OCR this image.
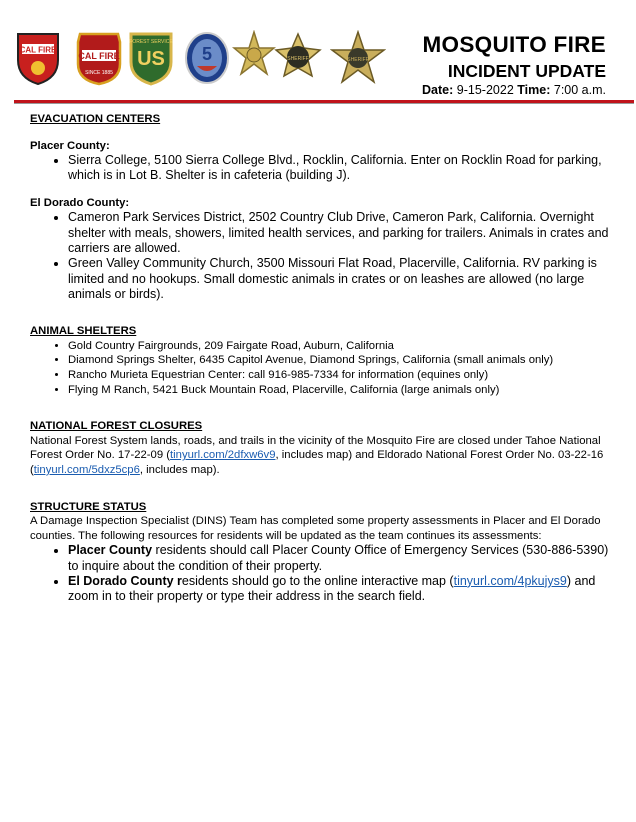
CAL FIRE
CAL FIRE
SINCE 1885
US
FOREST SERVICE
5	SHERIFF	SHERIFF
MOSQUITO FIRE
INCIDENT UPDATE
Date: 9-15-2022 Time: 7:00 a.m.

EVACUATION CENTERS

Placer County:

• Sierra College, 5100 Sierra College Blvd., Rocklin, California. Enter on Rocklin Road for parking, which is in Lot B. Shelter is in cafeteria (building J).

El Dorado County:

• Cameron Park Services District, 2502 Country Club Drive, Cameron Park, California. Overnight shelter with meals, showers, limited health services, and parking for trailers. Animals in crates and carriers are allowed.
• Green Valley Community Church, 3500 Missouri Flat Road, Placerville, California. RV parking is limited and no hookups. Small domestic animals in crates or on leashes are allowed (no large animals or birds).

ANIMAL SHELTERS

• Gold Country Fairgrounds, 209 Fairgate Road, Auburn, California
• Diamond Springs Shelter, 6435 Capitol Avenue, Diamond Springs, California (small animals only)
• Rancho Murieta Equestrian Center: call 916-985-7334 for information (equines only)
• Flying M Ranch, 5421 Buck Mountain Road, Placerville, California (large animals only)

NATIONAL FOREST CLOSURES

National Forest System lands, roads, and trails in the vicinity of the Mosquito Fire are closed under Tahoe National Forest Order No. 17-22-09 (tinyurl.com/2dfxw6v9, includes map) and Eldorado National Forest Order No. 03-22-16 (tinyurl.com/5dxz5cp6, includes map).

STRUCTURE STATUS

A Damage Inspection Specialist (DINS) Team has completed some property assessments in Placer and El Dorado counties. The following resources for residents will be updated as the team continues its assessments:

• Placer County residents should call Placer County Office of Emergency Services (530-886-5390) to inquire about the condition of their property.
• El Dorado County residents should go to the online interactive map (tinyurl.com/4pkujys9) and zoom in to their property or type their address in the search field.
